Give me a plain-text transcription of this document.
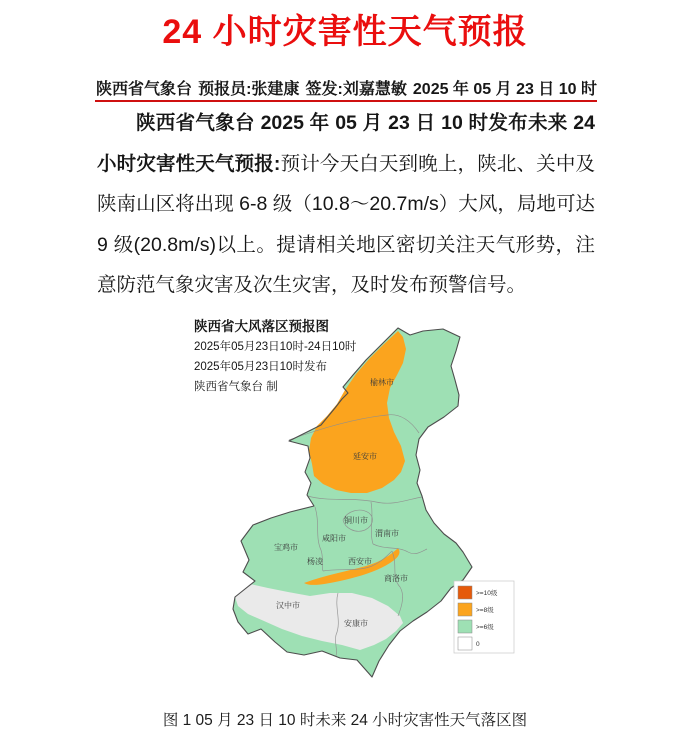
24 小时灾害性天气预报
陕西省气象台 预报员:张建康 签发:刘嘉慧敏 2025 年 05 月 23 日 10 时

陕西省气象台 2025 年 05 月 23 日 10 时发布未来 24 小时灾害性天气预报:预计今天白天到晚上，陕北、关中及陕南山区将出现 6-8 级（10.8～20.7m/s）大风，局地可达 9 级(20.8m/s)以上。提请相关地区密切关注天气形势，注意防范气象灾害及次生灾害，及时发布预警信号。

陕西省大风落区预报图
2025年05月23日10时-24日10时
2025年05月23日10时发布
陕西省气象台 制	榆林市
延安市
铜川市
渭南市
咸阳市
宝鸡市
杨凌	西安市
商洛市
汉中市
安康市
>=10级
>=8级
>=6级
0
图 1 05 月 23 日 10 时未来 24 小时灾害性天气落区图
